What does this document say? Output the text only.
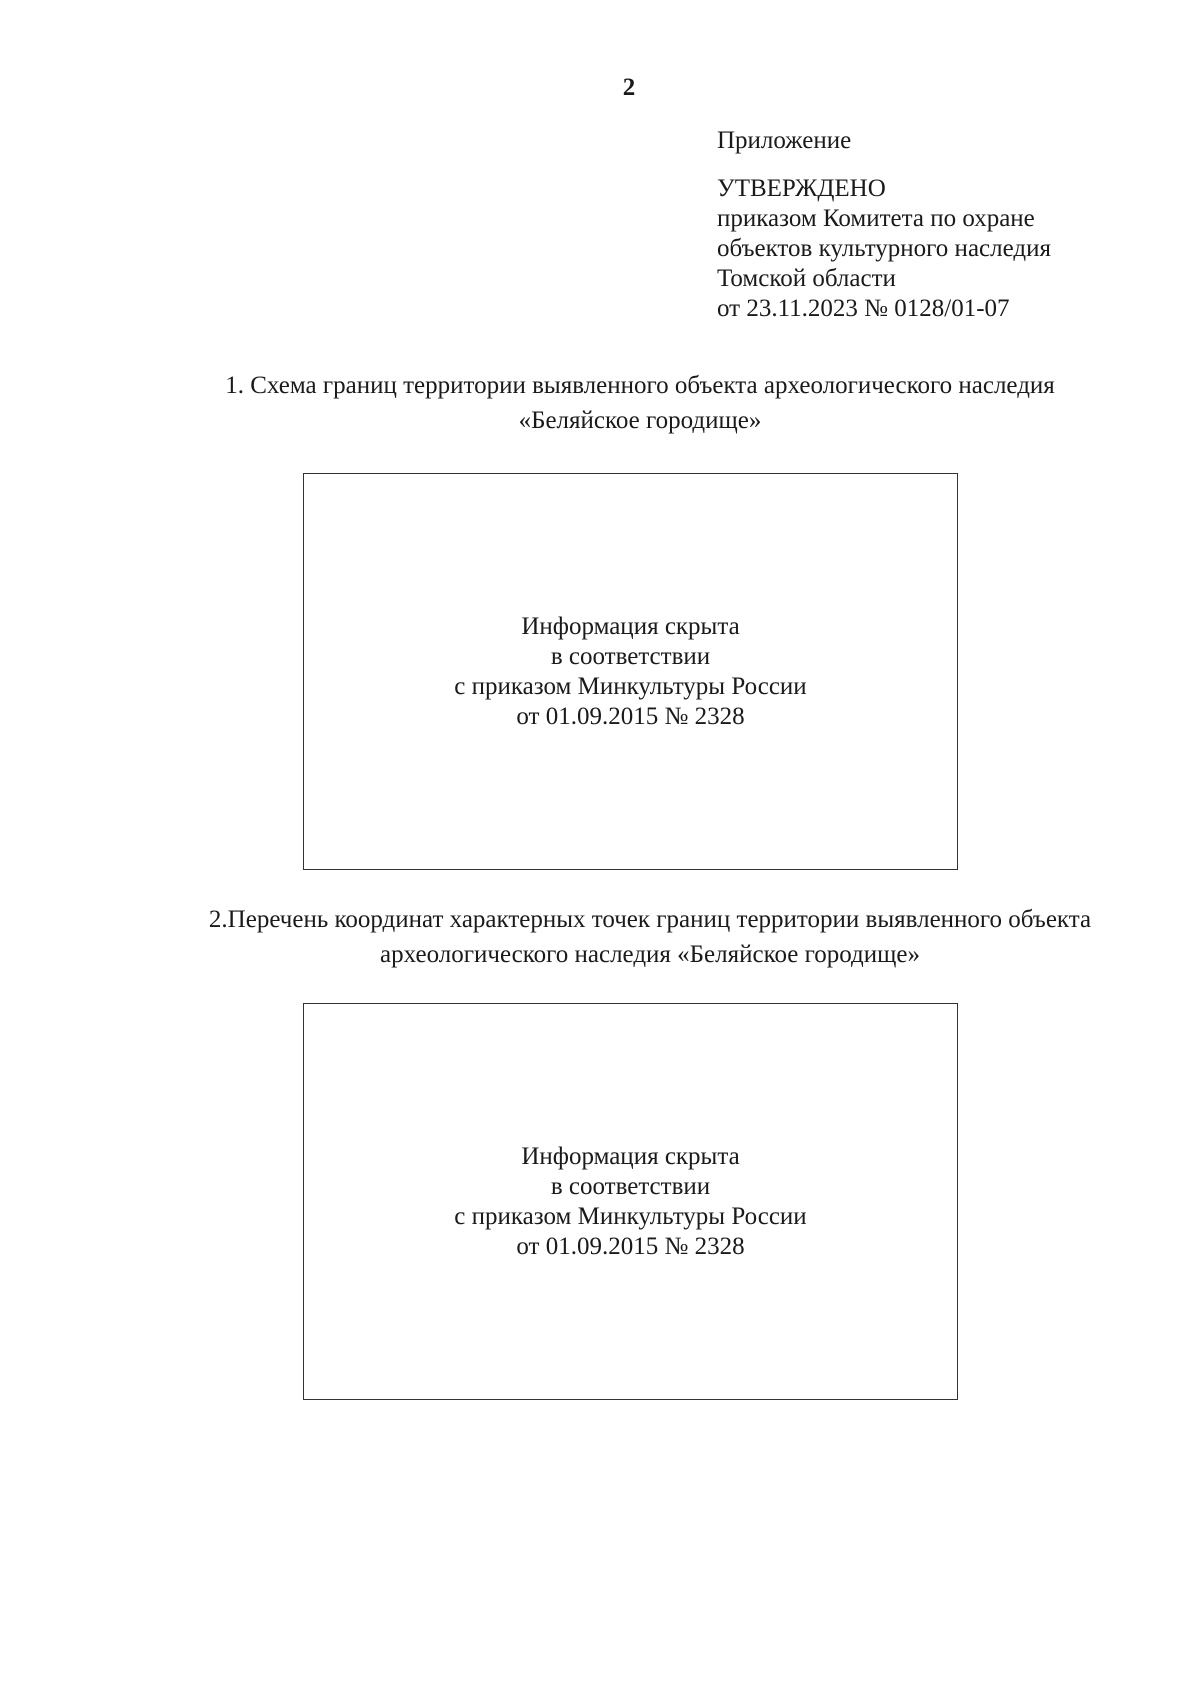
2
Приложение
УТВЕРЖДЕНО
приказом Комитета по охране
объектов культурного наследия
Томской области
от 23.11.2023 № 0128/01-07
1. Схема границ территории выявленного объекта археологического наследия
«Беляйское городище»
Информация скрыта
в соответствии
с приказом Минкультуры России
от 01.09.2015 № 2328
2.Перечень координат характерных точек границ территории выявленного объекта
археологического наследия «Беляйское городище»
Информация скрыта
в соответствии
с приказом Минкультуры России
от 01.09.2015 № 2328
